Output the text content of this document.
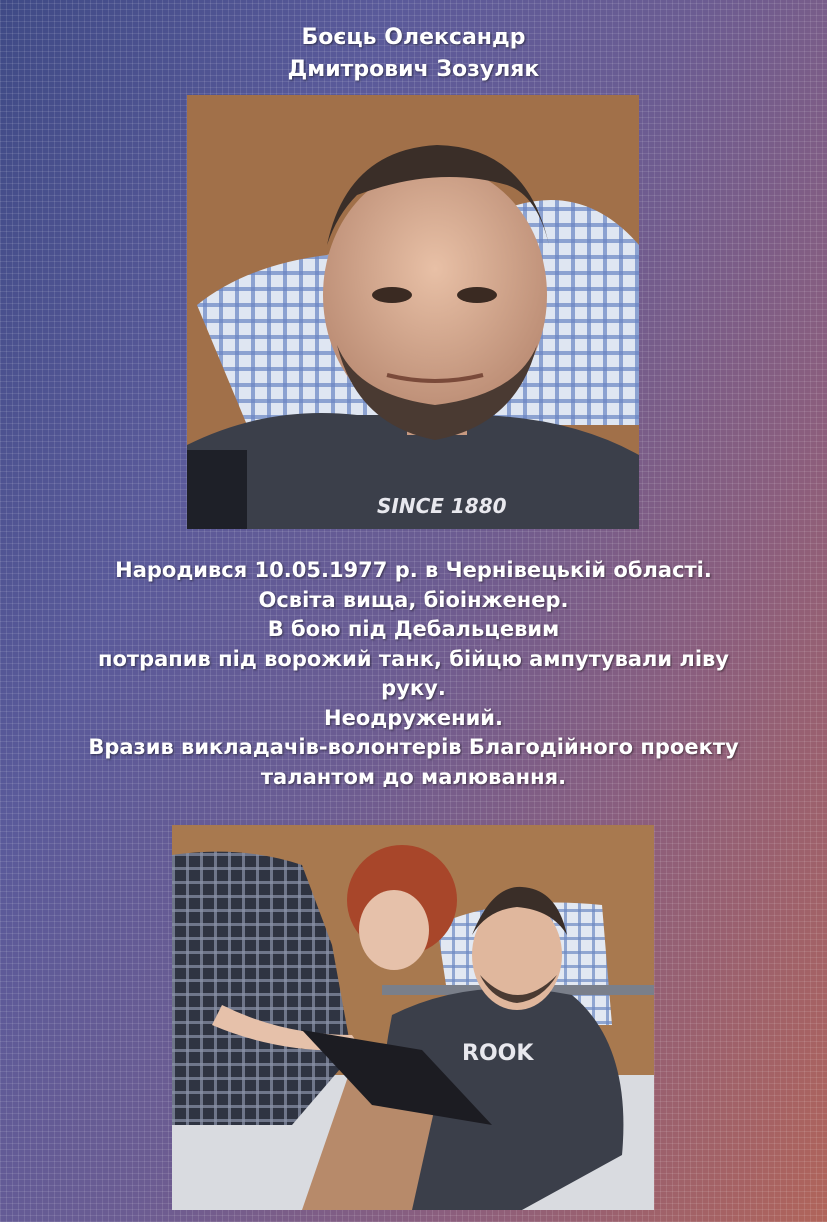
Боєць Олександр
Дмитрович Зозуляк
SINCE 1880
Народився 10.05.1977 р. в Чернівецькій області.
Освіта вища, біоінженер.
В бою під Дебальцевим
потрапив під ворожий танк, бійцю ампутували ліву
руку.
Неодружений.
Вразив викладачів-волонтерів Благодійного проекту
талантом до малювання.
ROOK
